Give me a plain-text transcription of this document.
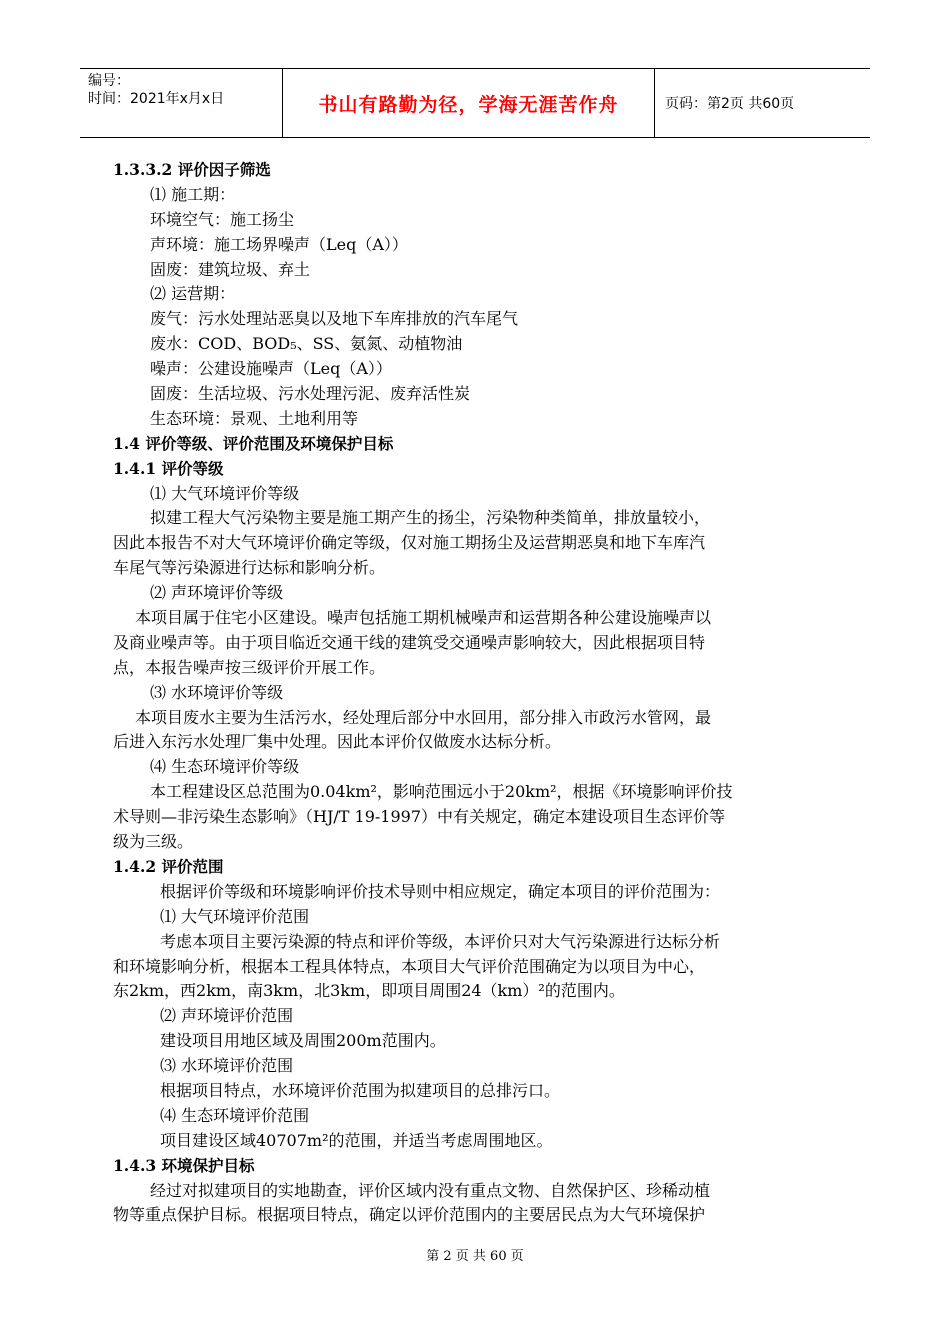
编号：
时间：2021年x月x日	书山有路勤为径，学海无涯苦作舟	页码：第2页 共60页
1.3.3.2 评价因子筛选
⑴ 施工期：
环境空气：施工扬尘
声环境：施工场界噪声（Leq（A））
固废：建筑垃圾、弃土
⑵ 运营期：
废气：污水处理站恶臭以及地下车库排放的汽车尾气
废水：COD、BOD₅、SS、氨氮、动植物油
噪声：公建设施噪声（Leq（A））
固废：生活垃圾、污水处理污泥、废弃活性炭
生态环境：景观、土地利用等
1.4 评价等级、评价范围及环境保护目标
1.4.1 评价等级
⑴ 大气环境评价等级
拟建工程大气污染物主要是施工期产生的扬尘，污染物种类简单，排放量较小，
因此本报告不对大气环境评价确定等级，仅对施工期扬尘及运营期恶臭和地下车库汽
车尾气等污染源进行达标和影响分析。
⑵ 声环境评价等级
本项目属于住宅小区建设。噪声包括施工期机械噪声和运营期各种公建设施噪声以
及商业噪声等。由于项目临近交通干线的建筑受交通噪声影响较大，因此根据项目特
点，本报告噪声按三级评价开展工作。
⑶ 水环境评价等级
本项目废水主要为生活污水，经处理后部分中水回用，部分排入市政污水管网，最
后进入东污水处理厂集中处理。因此本评价仅做废水达标分析。
⑷ 生态环境评价等级
本工程建设区总范围为0.04km²，影响范围远小于20km²，根据《环境影响评价技
术导则—非污染生态影响》（HJ/T 19-1997）中有关规定，确定本建设项目生态评价等
级为三级。
1.4.2 评价范围
根据评价等级和环境影响评价技术导则中相应规定，确定本项目的评价范围为：
⑴ 大气环境评价范围
考虑本项目主要污染源的特点和评价等级，本评价只对大气污染源进行达标分析
和环境影响分析，根据本工程具体特点，本项目大气评价范围确定为以项目为中心，
东2km，西2km，南3km，北3km，即项目周围24（km）²的范围内。
⑵ 声环境评价范围
建设项目用地区域及周围200m范围内。
⑶ 水环境评价范围
根据项目特点，水环境评价范围为拟建项目的总排污口。
⑷ 生态环境评价范围
项目建设区域40707m²的范围，并适当考虑周围地区。
1.4.3 环境保护目标
经过对拟建项目的实地勘查，评价区域内没有重点文物、自然保护区、珍稀动植
物等重点保护目标。根据项目特点，确定以评价范围内的主要居民点为大气环境保护
第 2 页 共 60 页
